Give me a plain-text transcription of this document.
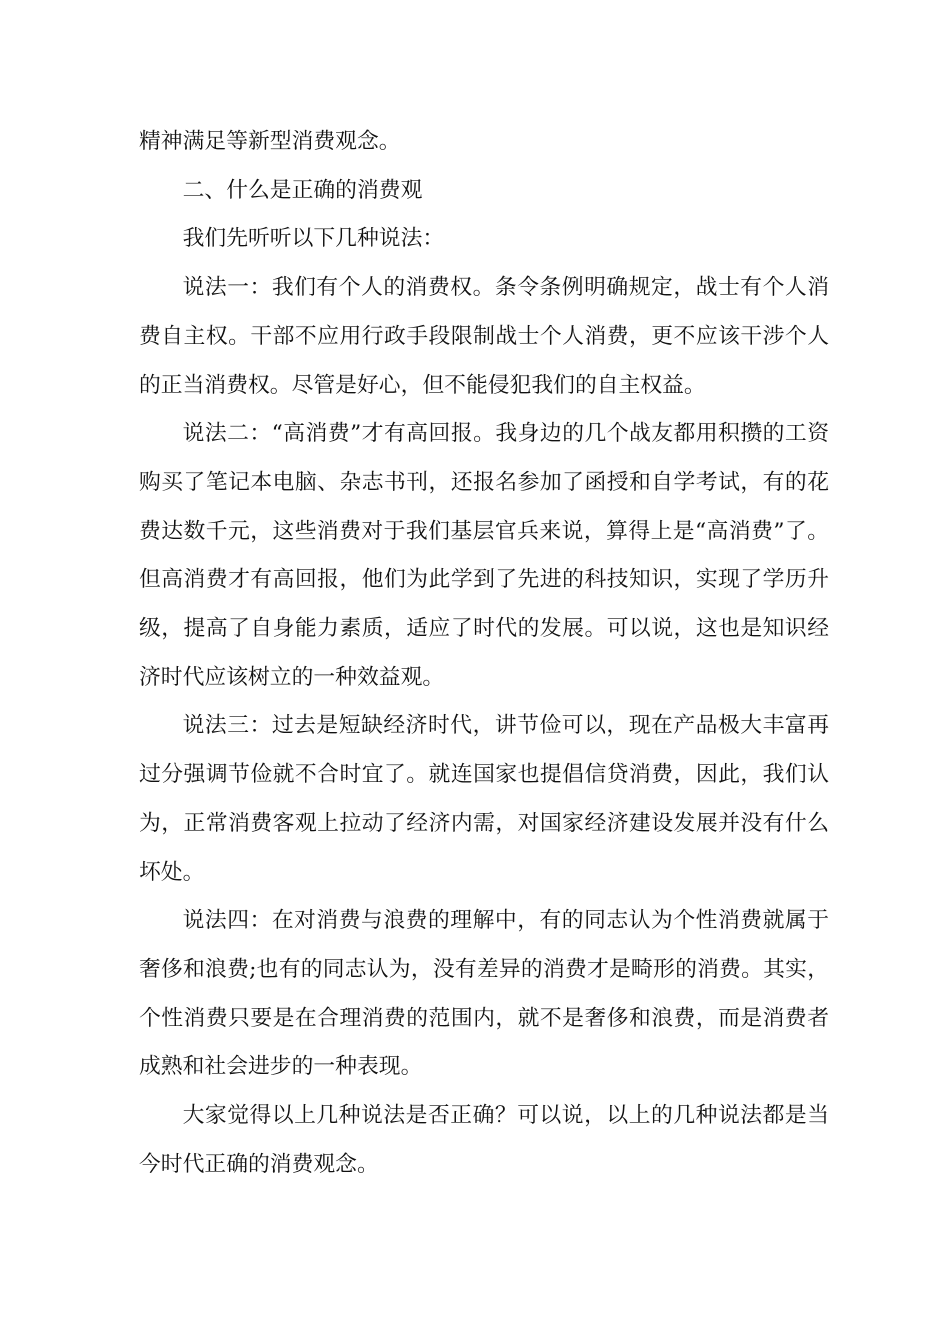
精神满足等新型消费观念。

二、什么是正确的消费观

我们先听听以下几种说法：

说法一：我们有个人的消费权。条令条例明确规定，战士有个人消费自主权。干部不应用行政手段限制战士个人消费，更不应该干涉个人的正当消费权。尽管是好心，但不能侵犯我们的自主权益。

说法二：“高消费”才有高回报。我身边的几个战友都用积攒的工资购买了笔记本电脑、杂志书刊，还报名参加了函授和自学考试，有的花费达数千元，这些消费对于我们基层官兵来说，算得上是“高消费”了。但高消费才有高回报，他们为此学到了先进的科技知识，实现了学历升级，提高了自身能力素质，适应了时代的发展。可以说，这也是知识经济时代应该树立的一种效益观。

说法三：过去是短缺经济时代，讲节俭可以，现在产品极大丰富再过分强调节俭就不合时宜了。就连国家也提倡信贷消费，因此，我们认为，正常消费客观上拉动了经济内需，对国家经济建设发展并没有什么坏处。

说法四：在对消费与浪费的理解中，有的同志认为个性消费就属于奢侈和浪费;也有的同志认为，没有差异的消费才是畸形的消费。其实，个性消费只要是在合理消费的范围内，就不是奢侈和浪费，而是消费者成熟和社会进步的一种表现。

大家觉得以上几种说法是否正确？可以说，以上的几种说法都是当今时代正确的消费观念。
